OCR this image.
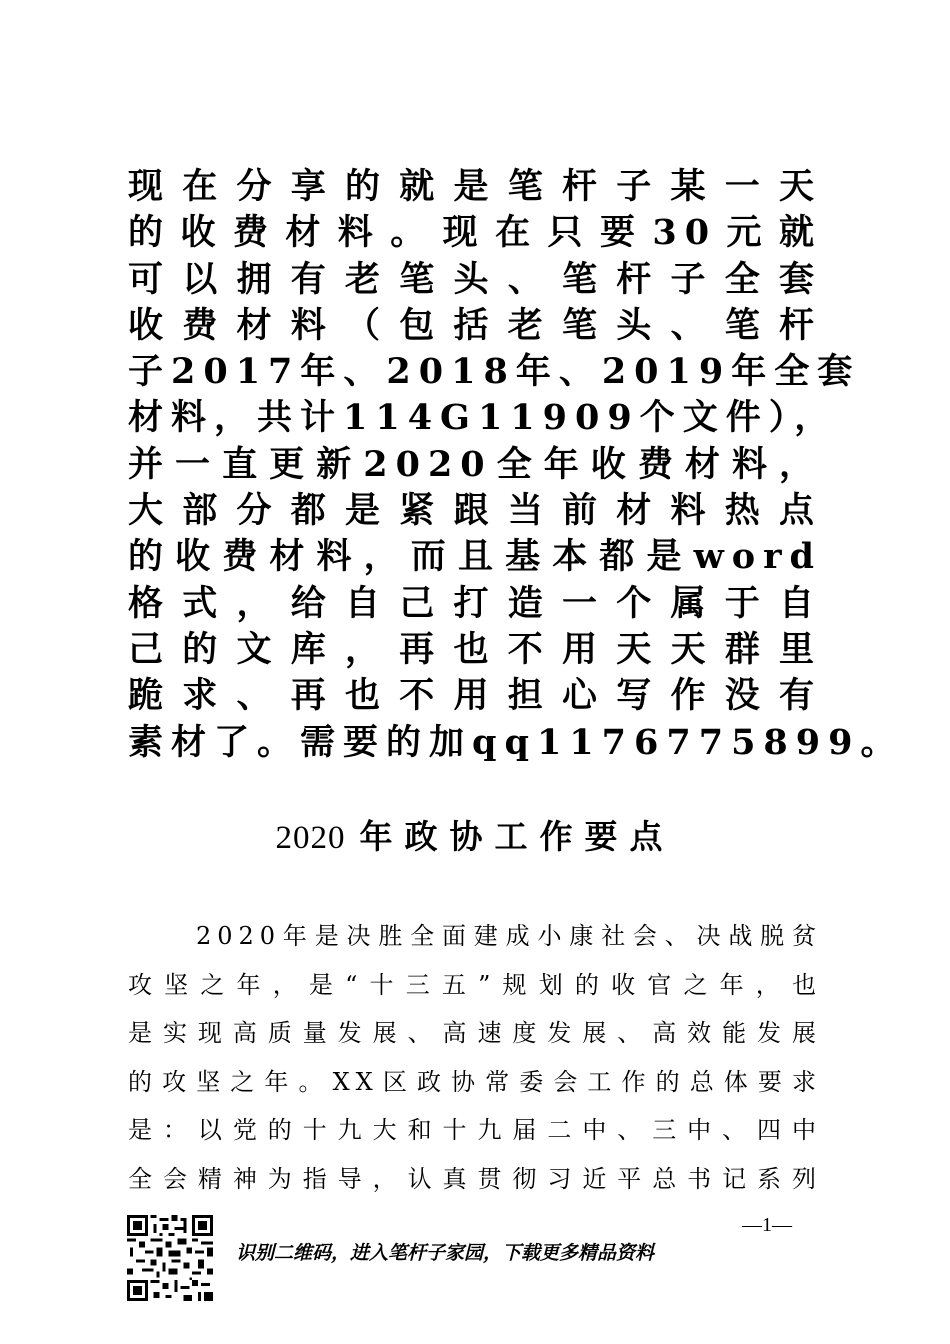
现在分享的就是笔杆子某一天
的收费材料。现在只要30元就
可以拥有老笔头、笔杆子全套
收费材料（包括老笔头、笔杆
子2017年、2018年、2019年全套
材料，共计114G11909个文件），
并一直更新2020全年收费材料，
大部分都是紧跟当前材料热点
的收费材料，而且基本都是word
格式，给自己打造一个属于自
己的文库，再也不用天天群里
跪求、再也不用担心写作没有
素材了。需要的加qq1176775899。
2020 年政协工作要点
2020年是决胜全面建成小康社会、决战脱贫
攻坚之年，是“十三五”规划的收官之年，也
是实现高质量发展、高速度发展、高效能发展
的攻坚之年。XX区政协常委会工作的总体要求
是：以党的十九大和十九届二中、三中、四中
全会精神为指导，认真贯彻习近平总书记系列
—1—
识别二维码，进入笔杆子家园，下载更多精品资料
